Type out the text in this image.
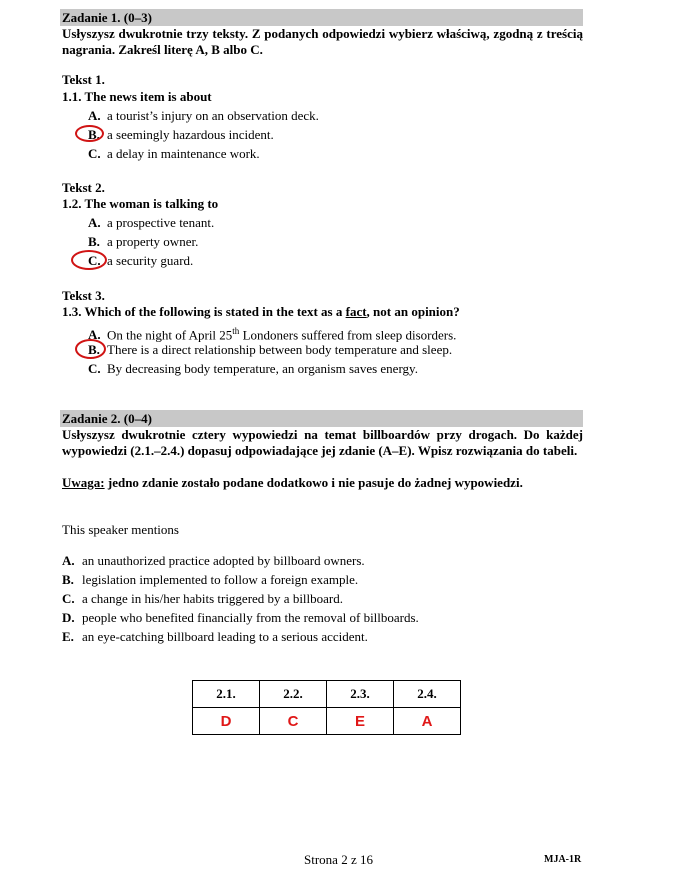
Zadanie 1. (0–3)
Usłyszysz dwukrotnie trzy teksty. Z podanych odpowiedzi wybierz właściwą, zgodną z treścią nagrania. Zakreśl literę A, B albo C.
Tekst 1.
1.1. The news item is about
A. a tourist’s injury on an observation deck.
B. a seemingly hazardous incident.
C. a delay in maintenance work.
Tekst 2.
1.2. The woman is talking to
A. a prospective tenant.
B. a property owner.
C. a security guard.
Tekst 3.
1.3. Which of the following is stated in the text as a fact, not an opinion?
A. On the night of April 25th Londoners suffered from sleep disorders.
B. There is a direct relationship between body temperature and sleep.
C. By decreasing body temperature, an organism saves energy.
Zadanie 2. (0–4)
Usłyszysz dwukrotnie cztery wypowiedzi na temat billboardów przy drogach. Do każdej wypowiedzi (2.1.–2.4.) dopasuj odpowiadające jej zdanie (A–E). Wpisz rozwiązania do tabeli.
Uwaga: jedno zdanie zostało podane dodatkowo i nie pasuje do żadnej wypowiedzi.
This speaker mentions
A. an unauthorized practice adopted by billboard owners.
B. legislation implemented to follow a foreign example.
C. a change in his/her habits triggered by a billboard.
D. people who benefited financially from the removal of billboards.
E. an eye-catching billboard leading to a serious accident.
2.1.	2.2.	2.3.	2.4.
D	C	E	A
Strona 2 z 16	MJA-1R
